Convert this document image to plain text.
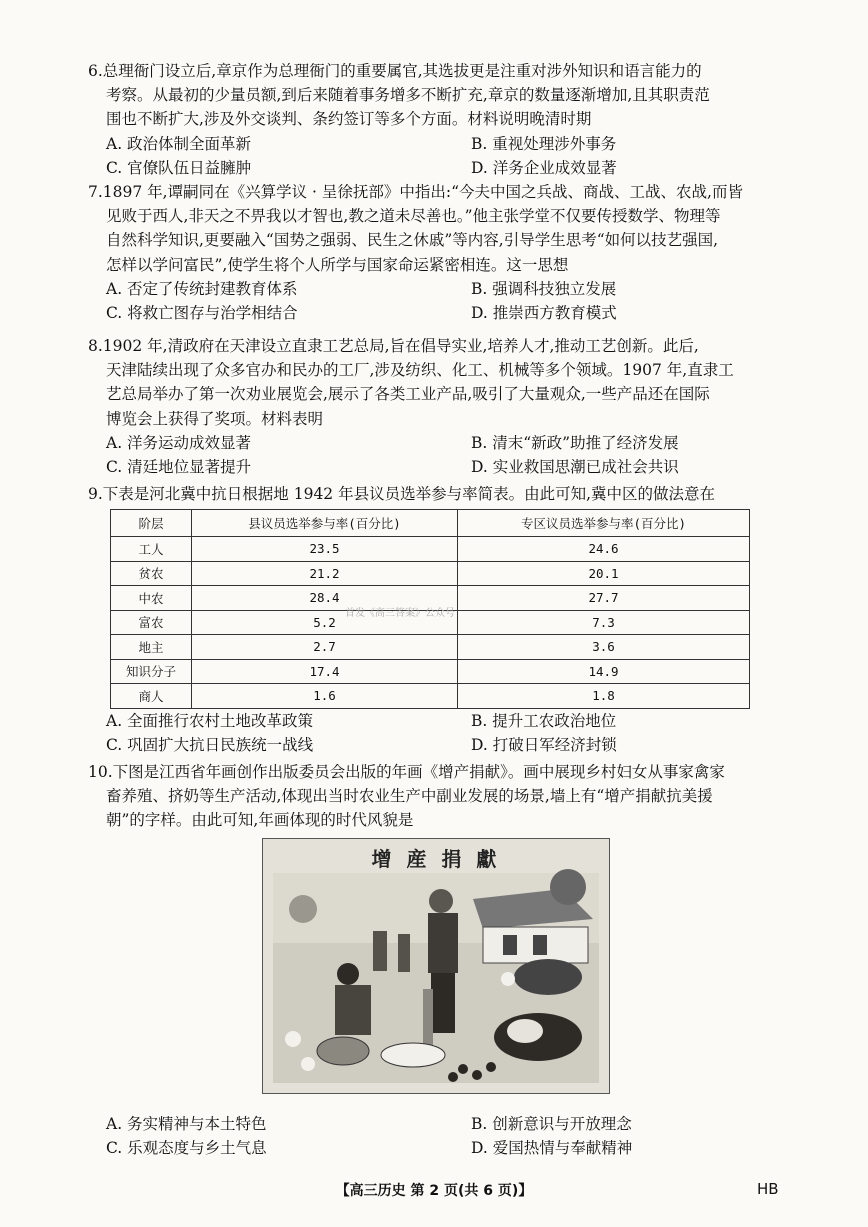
6.总理衙门设立后,章京作为总理衙门的重要属官,其选拔更是注重对涉外知识和语言能力的

考察。从最初的少量员额,到后来随着事务增多不断扩充,章京的数量逐渐增加,且其职责范

围也不断扩大,涉及外交谈判、条约签订等多个方面。材料说明晚清时期

A. 政治体制全面革新	B. 重视处理涉外事务
C. 官僚队伍日益臃肿	D. 洋务企业成效显著

7.1897 年,谭嗣同在《兴算学议 · 呈徐抚部》中指出:“今夫中国之兵战、商战、工战、农战,而皆

见败于西人,非天之不畀我以才智也,教之道未尽善也。”他主张学堂不仅要传授数学、物理等

自然科学知识,更要融入“国势之强弱、民生之休戚”等内容,引导学生思考“如何以技艺强国,

怎样以学问富民”,使学生将个人所学与国家命运紧密相连。这一思想

A. 否定了传统封建教育体系	B. 强调科技独立发展
C. 将救亡图存与治学相结合	D. 推崇西方教育模式

8.1902 年,清政府在天津设立直隶工艺总局,旨在倡导实业,培养人才,推动工艺创新。此后,

天津陆续出现了众多官办和民办的工厂,涉及纺织、化工、机械等多个领域。1907 年,直隶工

艺总局举办了第一次劝业展览会,展示了各类工业产品,吸引了大量观众,一些产品还在国际

博览会上获得了奖项。材料表明

A. 洋务运动成效显著	B. 清末“新政”助推了经济发展
C. 清廷地位显著提升	D. 实业救国思潮已成社会共识

9.下表是河北冀中抗日根据地 1942 年县议员选举参与率简表。由此可知,冀中区的做法意在

阶层	县议员选举参与率(百分比)	专区议员选举参与率(百分比)
工人	23.5	24.6
贫农	21.2	20.1
中农	28.4	27.7
富农	5.2	7.3
地主	2.7	3.6
知识分子	17.4	14.9
商人	1.6	1.8
首发《高三答案》公众号
A. 全面推行农村土地改革政策	B. 提升工农政治地位
C. 巩固扩大抗日民族统一战线	D. 打破日军经济封锁

10.下图是江西省年画创作出版委员会出版的年画《增产捐献》。画中展现乡村妇女从事家禽家

畜养殖、挤奶等生产活动,体现出当时农业生产中副业发展的场景,墙上有“增产捐献抗美援

朝”的字样。由此可知,年画体现的时代风貌是

增 産 捐 獻
A. 务实精神与本土特色	B. 创新意识与开放理念
C. 乐观态度与乡土气息	D. 爱国热情与奉献精神
【高三历史 第 2 页(共 6 页)】	HB
